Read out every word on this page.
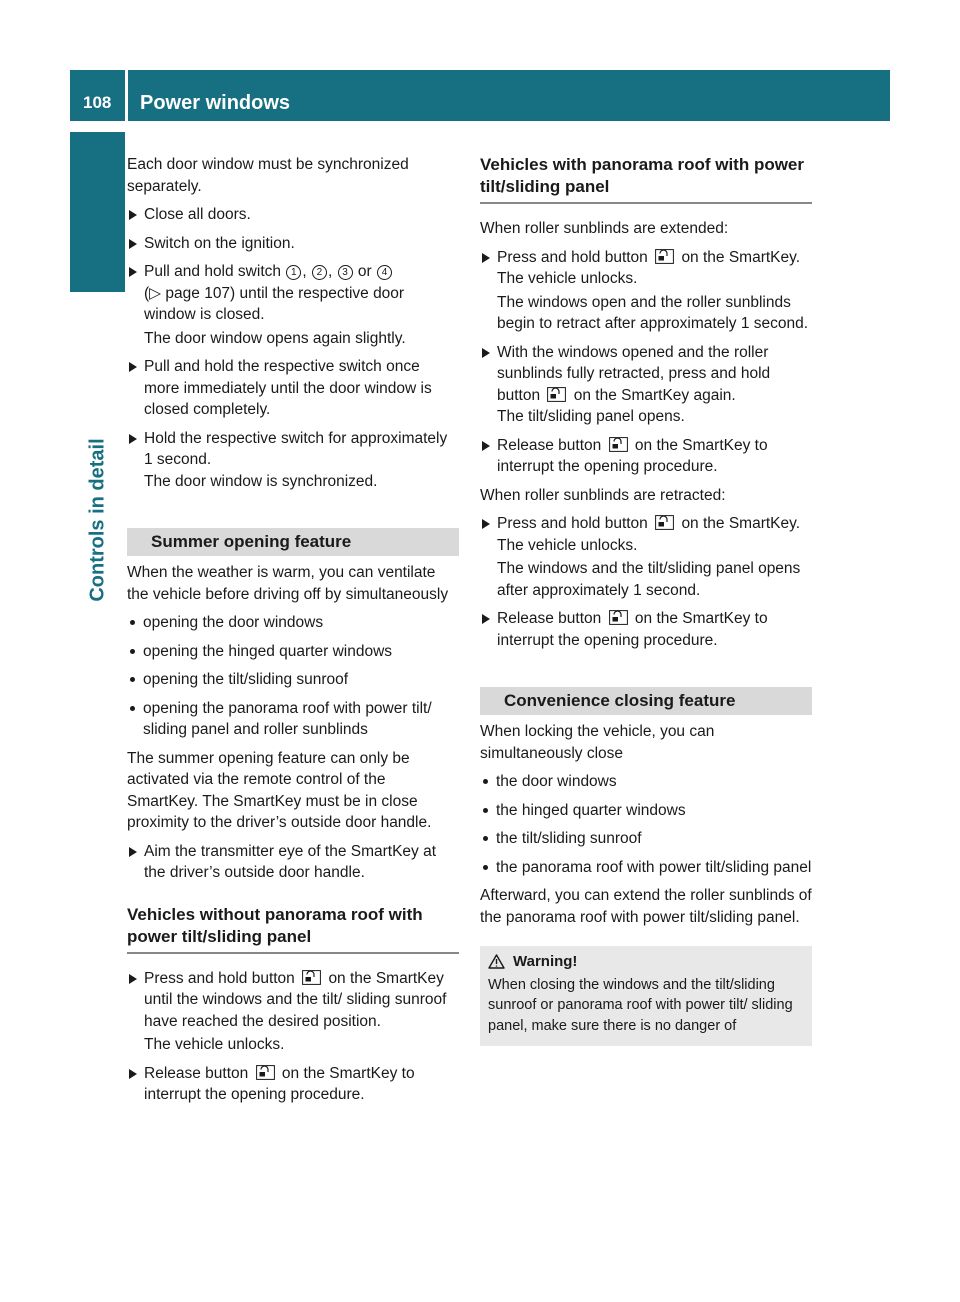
108 Power windows
Controls in detail

Each door window must be synchronized separately.

Close all doors.
Switch on the ignition.
Pull and hold switch 1 , 2 , 3 or 4
(▷ page 107) until the respective door window is closed.
The door window opens again slightly.
Pull and hold the respective switch once more immediately until the door window is closed completely.
Hold the respective switch for approximately 1 second.
The door window is synchronized.
Summer opening feature

When the weather is warm, you can ventilate the vehicle before driving off by simultaneously

opening the door windows
opening the hinged quarter windows
opening the tilt/sliding sunroof
opening the panorama roof with power tilt/ sliding panel and roller sunblinds

The summer opening feature can only be activated via the remote control of the SmartKey. The SmartKey must be in close proximity to the driver’s outside door handle.

Aim the transmitter eye of the SmartKey at the driver’s outside door handle.
Vehicles without panorama roof with power tilt/sliding panel
Press and hold button on the SmartKey until the windows and the tilt/ sliding sunroof have reached the desired position.
The vehicle unlocks.
Release button on the SmartKey to interrupt the opening procedure.
Vehicles with panorama roof with power tilt/sliding panel

When roller sunblinds are extended:

Press and hold button on the SmartKey.
The vehicle unlocks.
The windows open and the roller sunblinds begin to retract after approximately 1 second.
With the windows opened and the roller sunblinds fully retracted, press and hold button on the SmartKey again.
The tilt/sliding panel opens.
Release button on the SmartKey to interrupt the opening procedure.

When roller sunblinds are retracted:

Press and hold button on the SmartKey.
The vehicle unlocks.
The windows and the tilt/sliding panel opens after approximately 1 second.
Release button on the SmartKey to interrupt the opening procedure.
Convenience closing feature

When locking the vehicle, you can simultaneously close

the door windows
the hinged quarter windows
the tilt/sliding sunroof
the panorama roof with power tilt/sliding panel

Afterward, you can extend the roller sunblinds of the panorama roof with power tilt/sliding panel.

Warning!
When closing the windows and the tilt/sliding sunroof or panorama roof with power tilt/ sliding panel, make sure there is no danger of
